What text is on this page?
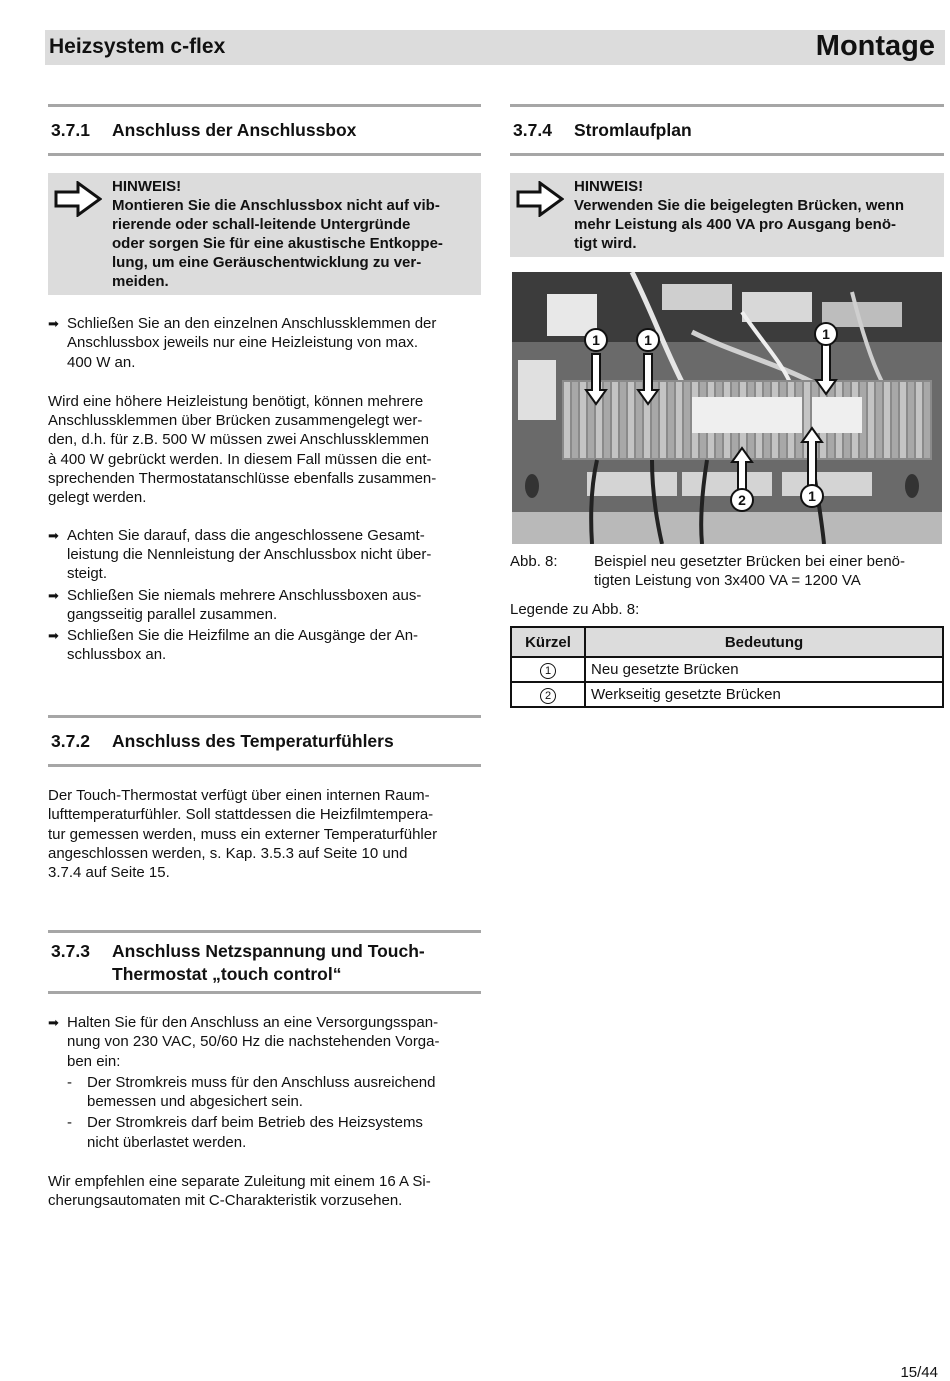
Heizsystem c-flex	Montage
3.7.1	Anschluss der Anschlussbox
HINWEIS!
Montieren Sie die Anschlussbox nicht auf vib-
rierende oder schall-leitende Untergründe
oder sorgen Sie für eine akustische Entkoppe-
lung, um eine Geräuschentwicklung zu ver-
meiden.
➡ Schließen Sie an den einzelnen Anschlussklemmen der
Anschlussbox jeweils nur eine Heizleistung von max.
400 W an.

Wird eine höhere Heizleistung benötigt, können mehrere

Anschlussklemmen über Brücken zusammengelegt wer-

den, d.h. für z.B. 500 W müssen zwei Anschlussklemmen

à 400 W gebrückt werden. In diesem Fall müssen die ent-

sprechenden Thermostatanschlüsse ebenfalls zusammen-

gelegt werden.

➡ Achten Sie darauf, dass die angeschlossene Gesamt-
leistung die Nennleistung der Anschlussbox nicht über-
steigt.
➡ Schließen Sie niemals mehrere Anschlussboxen aus-
gangsseitig parallel zusammen.
➡ Schließen Sie die Heizfilme an die Ausgänge der An-
schlussbox an.
3.7.2	Anschluss des Temperaturfühlers

Der Touch-Thermostat verfügt über einen internen Raum-

lufttemperaturfühler. Soll stattdessen die Heizfilmtempera-

tur gemessen werden, muss ein externer Temperaturfühler

angeschlossen werden, s. Kap. 3.5.3 auf Seite 10 und

3.7.4 auf Seite 15.

3.7.3	Anschluss Netzspannung und Touch-
Thermostat „touch control“
➡ Halten Sie für den Anschluss an eine Versorgungsspan-
nung von 230 VAC, 50/60 Hz die nachstehenden Vorga-
ben ein:
-	Der Stromkreis muss für den Anschluss ausreichend
bemessen und abgesichert sein.
-	Der Stromkreis darf beim Betrieb des Heizsystems
nicht überlastet werden.

Wir empfehlen eine separate Zuleitung mit einem 16 A Si-

cherungsautomaten mit C-Charakteristik vorzusehen.

3.7.4	Stromlaufplan
HINWEIS!
Verwenden Sie die beigelegten Brücken, wenn
mehr Leistung als 400 VA pro Ausgang benö-
tigt wird.
1	1	1
2	1
Abb. 8:	Beispiel neu gesetzter Brücken bei einer benö-
tigten Leistung von 3x400 VA = 1200 VA
Legende zu Abb. 8:
Kürzel	Bedeutung
1	Neu gesetzte Brücken
2	Werkseitig gesetzte Brücken
15/44
